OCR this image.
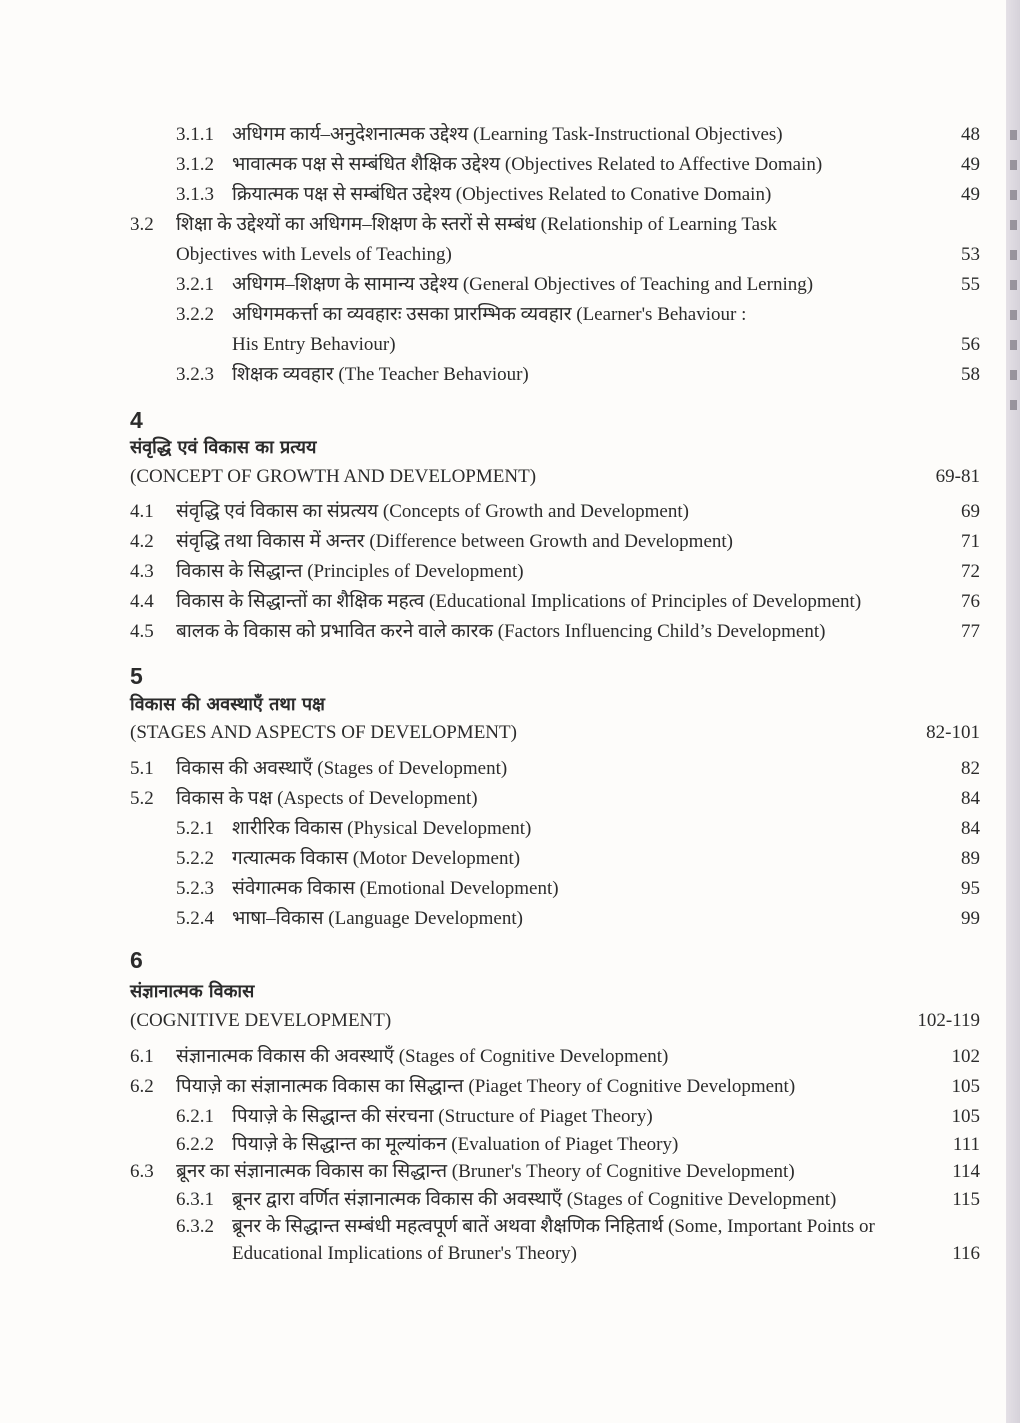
3.1.1 अधिगम कार्य–अनुदेशनात्मक उद्देश्य (Learning Task-Instructional Objectives)	48
3.1.2 भावात्मक पक्ष से सम्बंधित शैक्षिक उद्देश्य (Objectives Related to Affective Domain)	49
3.1.3 क्रियात्मक पक्ष से सम्बंधित उद्देश्य (Objectives Related to Conative Domain)	49
3.2 शिक्षा के उद्देश्यों का अधिगम–शिक्षण के स्तरों से सम्बंध (Relationship of Learning Task
Objectives with Levels of Teaching)	53
3.2.1 अधिगम–शिक्षण के सामान्य उद्देश्य (General Objectives of Teaching and Lerning)	55
3.2.2 अधिगमकर्त्ता का व्यवहारः उसका प्रारम्भिक व्यवहार (Learner's Behaviour :
His Entry Behaviour)	56
3.2.3 शिक्षक व्यवहार (The Teacher Behaviour)	58
4
संवृद्धि एवं विकास का प्रत्यय
(CONCEPT OF GROWTH AND DEVELOPMENT)	69-81
4.1 संवृद्धि एवं विकास का संप्रत्यय (Concepts of Growth and Development)	69
4.2 संवृद्धि तथा विकास में अन्तर (Difference between Growth and Development)	71
4.3 विकास के सिद्धान्त (Principles of Development)	72
4.4 विकास के सिद्धान्तों का शैक्षिक महत्व (Educational Implications of Principles of Development)	76
4.5 बालक के विकास को प्रभावित करने वाले कारक (Factors Influencing Child’s Development)	77
5
विकास की अवस्थाएँ तथा पक्ष
(STAGES AND ASPECTS OF DEVELOPMENT)	82-101
5.1 विकास की अवस्थाएँ (Stages of Development)	82
5.2 विकास के पक्ष (Aspects of Development)	84
5.2.1 शारीरिक विकास (Physical Development)	84
5.2.2 गत्यात्मक विकास (Motor Development)	89
5.2.3 संवेगात्मक विकास (Emotional Development)	95
5.2.4 भाषा–विकास (Language Development)	99
6
संज्ञानात्मक विकास
(COGNITIVE DEVELOPMENT)	102-119
6.1 संज्ञानात्मक विकास की अवस्थाएँ (Stages of Cognitive Development)	102
6.2 पियाज़े का संज्ञानात्मक विकास का सिद्धान्त (Piaget Theory of Cognitive Development)	105
6.2.1 पियाज़े के सिद्धान्त की संरचना (Structure of Piaget Theory)	105
6.2.2 पियाज़े के सिद्धान्त का मूल्यांकन (Evaluation of Piaget Theory)	111
6.3 ब्रूनर का संज्ञानात्मक विकास का सिद्धान्त (Bruner's Theory of Cognitive Development)	114
6.3.1 ब्रूनर द्वारा वर्णित संज्ञानात्मक विकास की अवस्थाएँ (Stages of Cognitive Development)	115
6.3.2 ब्रूनर के सिद्धान्त सम्बंधी महत्वपूर्ण बातें अथवा शैक्षणिक निहितार्थ (Some, Important Points or
Educational Implications of Bruner's Theory)	116
